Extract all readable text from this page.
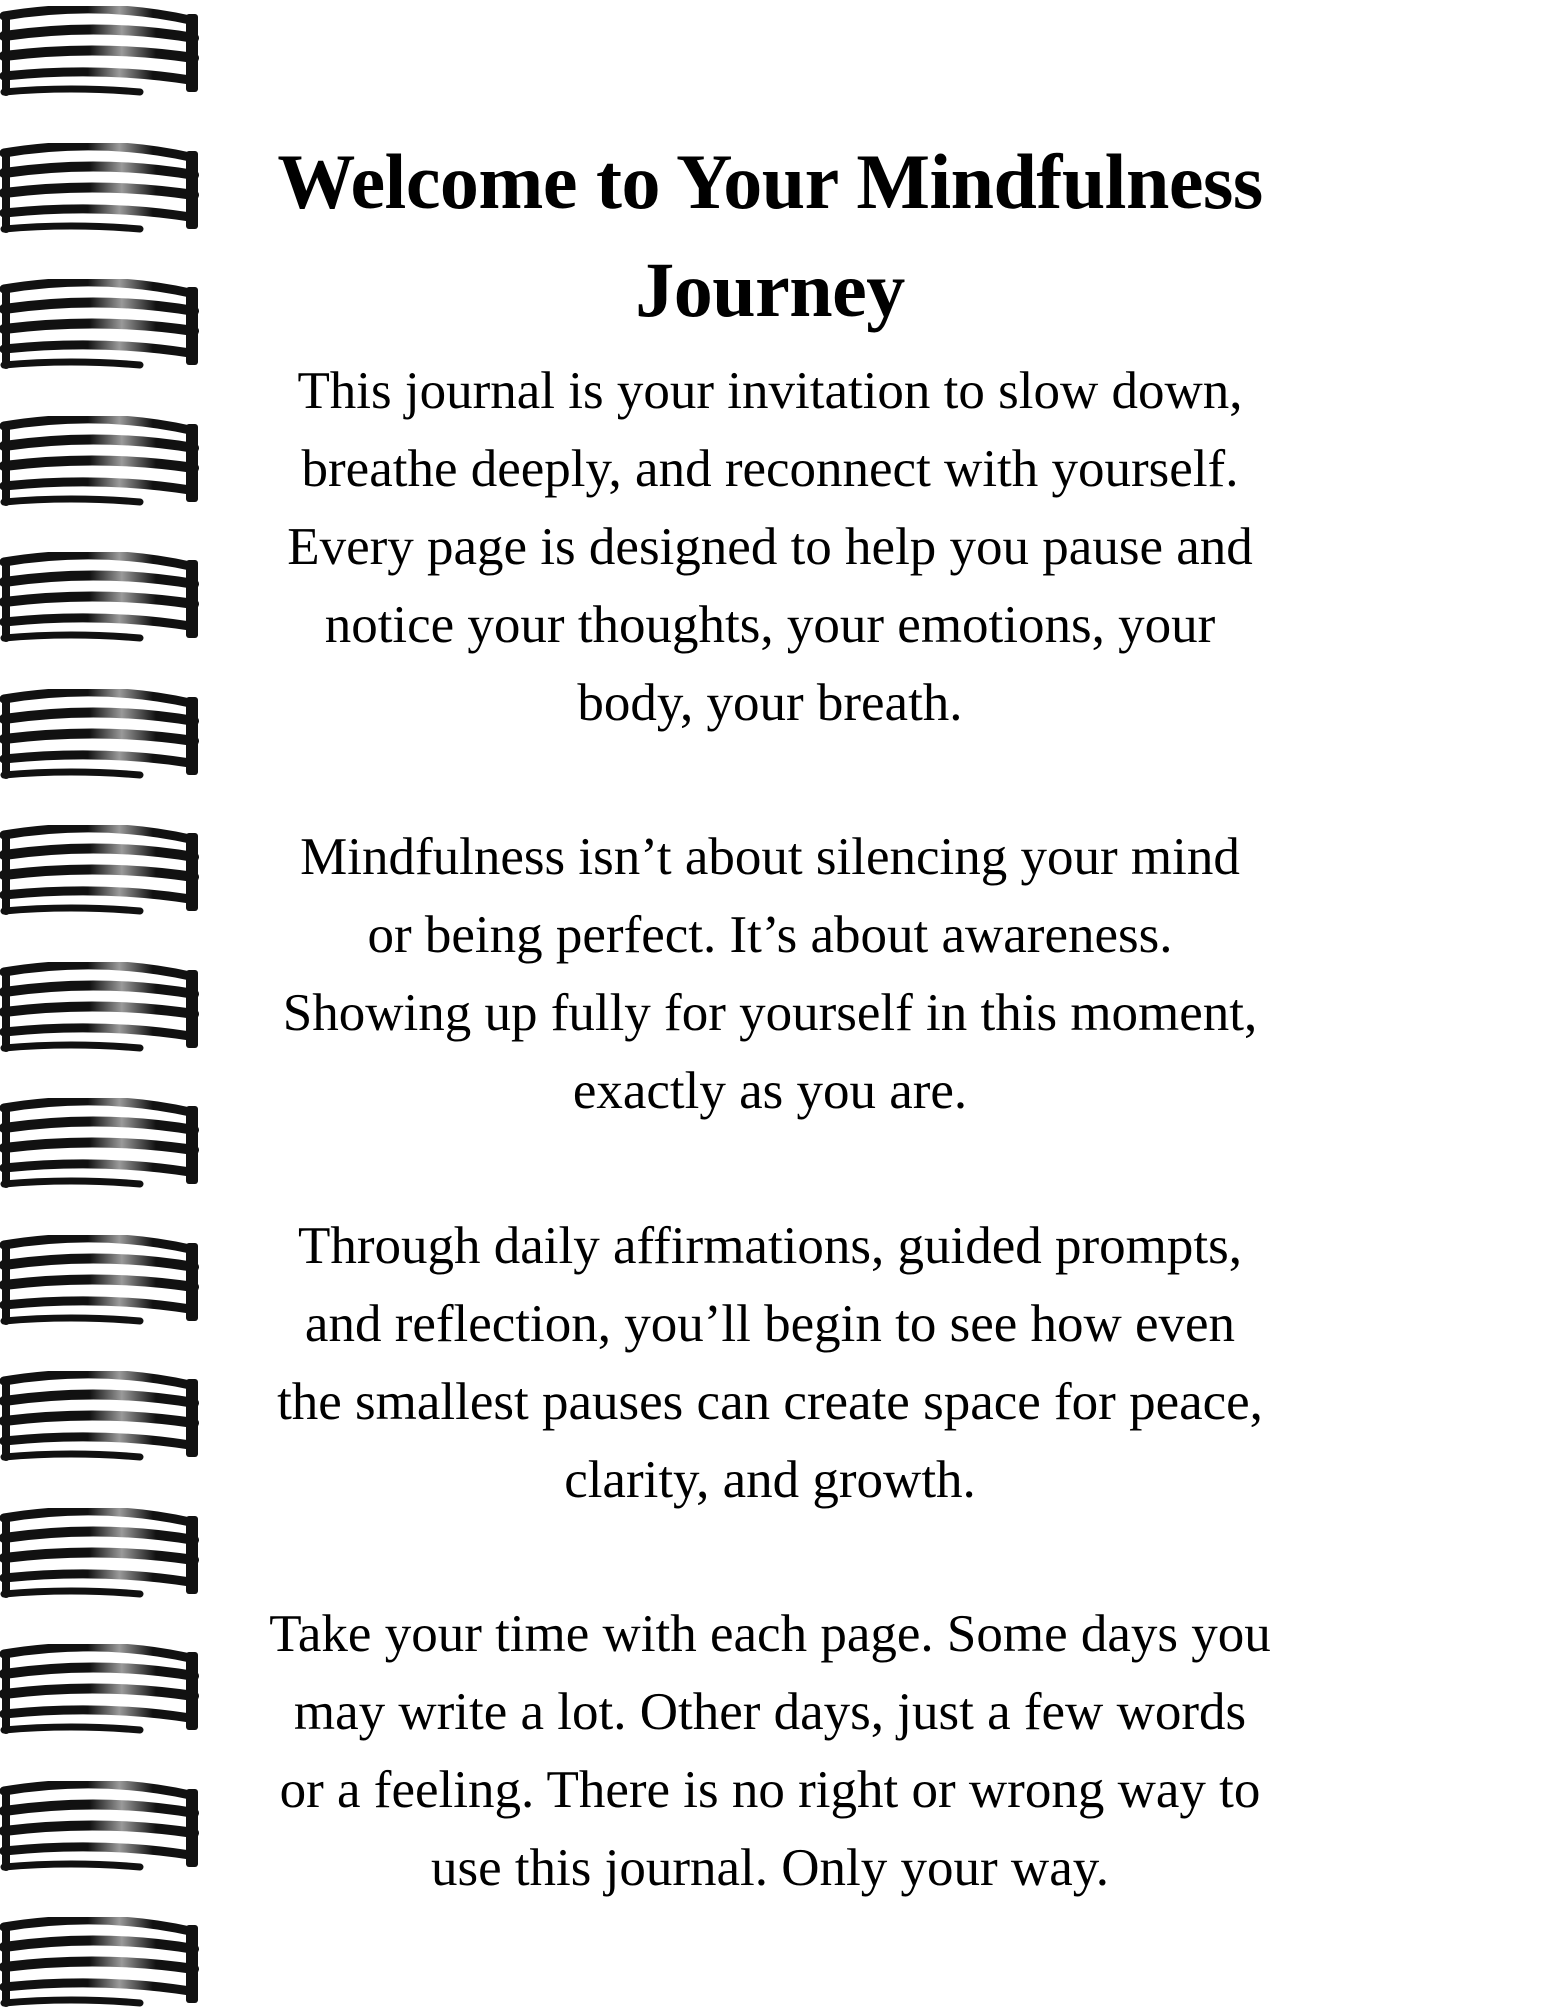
Welcome to Your Mindfulness
Journey

This journal is your invitation to slow down,
breathe deeply, and reconnect with yourself.
Every page is designed to help you pause and
notice your thoughts, your emotions, your
body, your breath.

Mindfulness isn’t about silencing your mind
or being perfect. It’s about awareness.
Showing up fully for yourself in this moment,
exactly as you are.

Through daily affirmations, guided prompts,
and reflection, you’ll begin to see how even
the smallest pauses can create space for peace,
clarity, and growth.

Take your time with each page. Some days you
may write a lot. Other days, just a few words
or a feeling. There is no right or wrong way to
use this journal. Only your way.
